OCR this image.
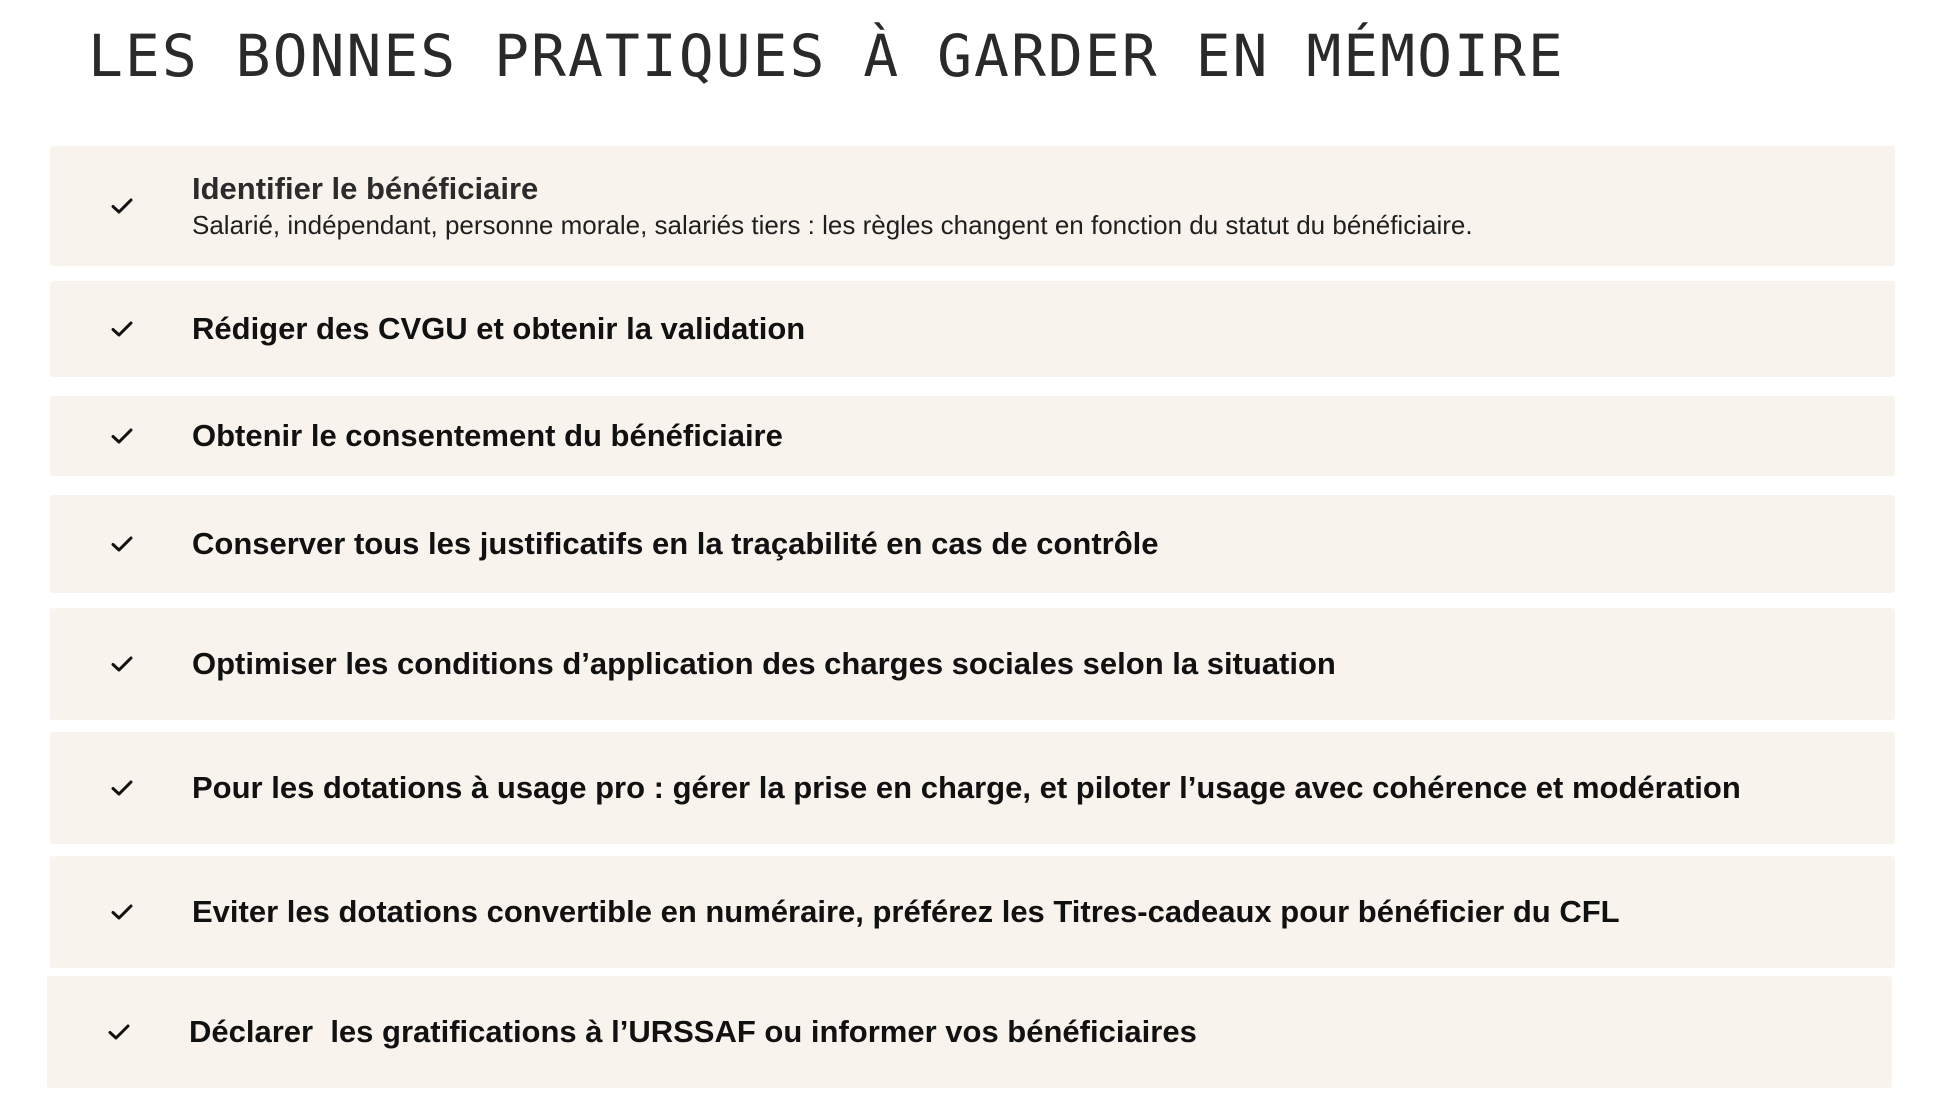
LES BONNES PRATIQUES À GARDER EN MÉMOIRE
Identifier le bénéficiaire
Salarié, indépendant, personne morale, salariés tiers : les règles changent en fonction du statut du bénéficiaire.
Rédiger des CVGU et obtenir la validation
Obtenir le consentement du bénéficiaire
Conserver tous les justificatifs en la traçabilité en cas de contrôle
Optimiser les conditions d’application des charges sociales selon la situation
Pour les dotations à usage pro : gérer la prise en charge, et piloter l’usage avec cohérence et modération
Eviter les dotations convertible en numéraire, préférez les Titres-cadeaux pour bénéficier du CFL
Déclarer  les gratifications à l’URSSAF ou informer vos bénéficiaires
